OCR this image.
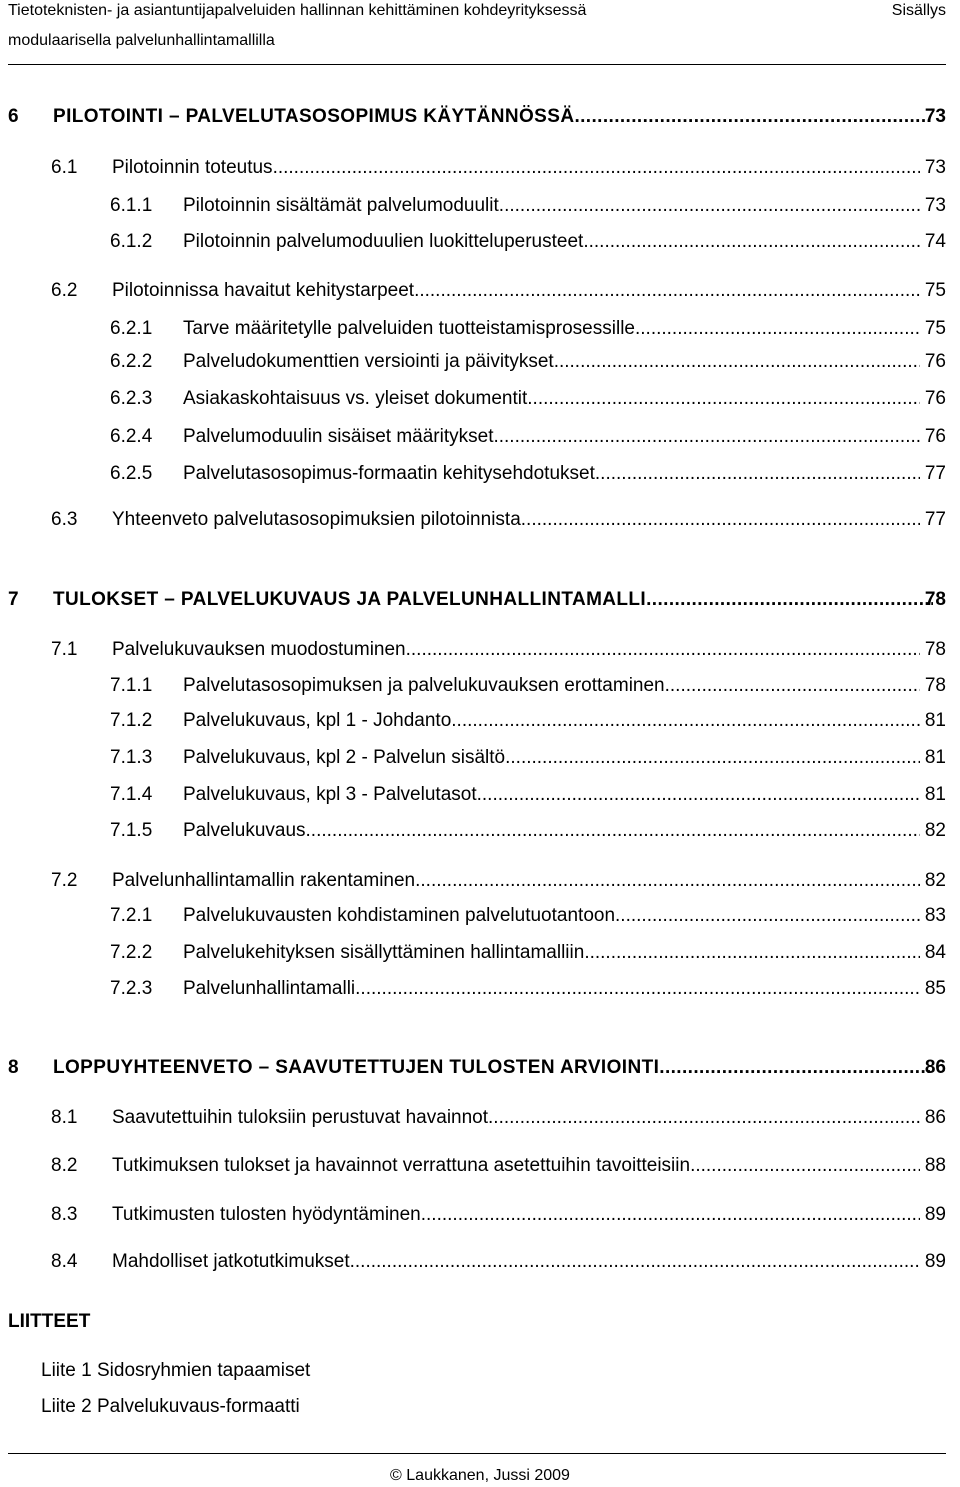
Tietoteknisten- ja asiantuntijapalveluiden hallinnan kehittäminen kohdeyrityksessä
modulaarisella palvelunhallintamallilla
Sisällys
6 PILOTOINTI – PALVELUTASOSOPIMUS KÄYTÄNNÖSSÄ .....	73
6.1 Pilotoinnin toteutus .....	73
6.1.1 Pilotoinnin sisältämät palvelumoduulit .....	73
6.1.2 Pilotoinnin palvelumoduulien luokitteluperusteet .....	74
6.2 Pilotoinnissa havaitut kehitystarpeet .....	75
6.2.1 Tarve määritetylle palveluiden tuotteistamisprosessille .....	75
6.2.2 Palveludokumenttien versiointi ja päivitykset .....	76
6.2.3 Asiakaskohtaisuus vs. yleiset dokumentit .....	76
6.2.4 Palvelumoduulin sisäiset määritykset .....	76
6.2.5 Palvelutasosopimus-formaatin kehitysehdotukset .....	77
6.3 Yhteenveto palvelutasosopimuksien pilotoinnista .....	77
7 TULOKSET – PALVELUKUVAUS JA PALVELUNHALLINTAMALLI .....	78
7.1 Palvelukuvauksen muodostuminen .....	78
7.1.1 Palvelutasosopimuksen ja palvelukuvauksen erottaminen .....	78
7.1.2 Palvelukuvaus, kpl 1 - Johdanto .....	81
7.1.3 Palvelukuvaus, kpl 2 - Palvelun sisältö .....	81
7.1.4 Palvelukuvaus, kpl 3 - Palvelutasot .....	81
7.1.5 Palvelukuvaus .....	82
7.2 Palvelunhallintamallin rakentaminen .....	82
7.2.1 Palvelukuvausten kohdistaminen palvelutuotantoon .....	83
7.2.2 Palvelukehityksen sisällyttäminen hallintamalliin .....	84
7.2.3 Palvelunhallintamalli .....	85
8 LOPPUYHTEENVETO – SAAVUTETTUJEN TULOSTEN ARVIOINTI .....	86
8.1 Saavutettuihin tuloksiin perustuvat havainnot .....	86
8.2 Tutkimuksen tulokset ja havainnot verrattuna asetettuihin tavoitteisiin .....	88
8.3 Tutkimusten tulosten hyödyntäminen .....	89
8.4 Mahdolliset jatkotutkimukset .....	89
LIITTEET
Liite 1 Sidosryhmien tapaamiset
Liite 2 Palvelukuvaus-formaatti
© Laukkanen, Jussi 2009
